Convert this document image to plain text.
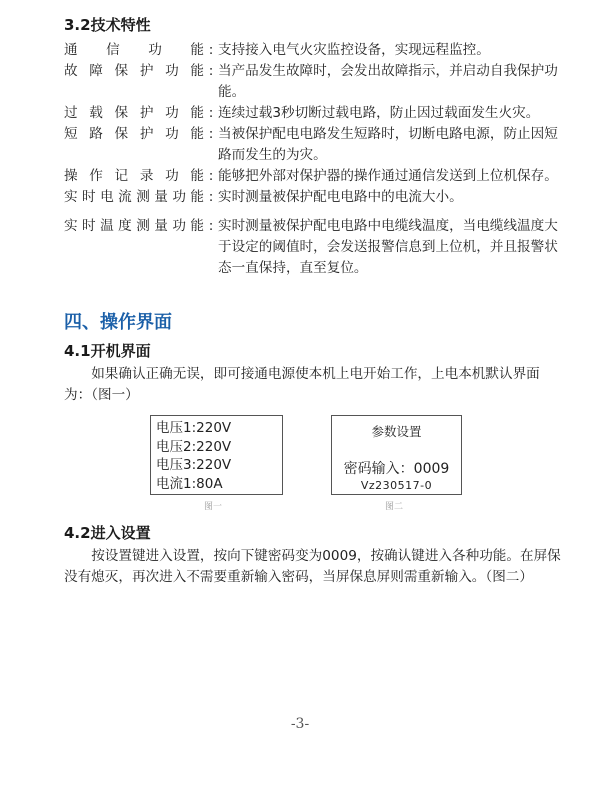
3.2技术特性
通信功能 : 支持接入电气火灾监控设备，实现远程监控。
故障保护功能 : 当产品发生故障时，会发出故障指示，并启动自我保护功能。
过载保护功能 : 连续过载3秒切断过载电路，防止因过载面发生火灾。
短路保护功能 : 当被保护配电电路发生短路时，切断电路电源，防止因短路而发生的为灾。
操作记录功能 : 能够把外部对保护器的操作通过通信发送到上位机保存。
实时电流测量功能 : 实时测量被保护配电电路中的电流大小。
实时温度测量功能 : 实时测量被保护配电电路中电缆线温度，当电缆线温度大于设定的阈值时，会发送报警信息到上位机，并且报警状态一直保持，直至复位。
四、操作界面
4.1开机界面

如果确认正确无误，即可接通电源使本机上电开始工作，上电本机默认界面为：（图一）

电压1:220V
电压2:220V
电压3:220V
电流1:80A
图一
参数设置
密码输入：0009
Vz230517-0
图二
4.2进入设置

按设置键进入设置，按向下键密码变为0009，按确认键进入各种功能。在屏保没有熄灭，再次进入不需要重新输入密码，当屏保息屏则需重新输入。（图二）

-3-
